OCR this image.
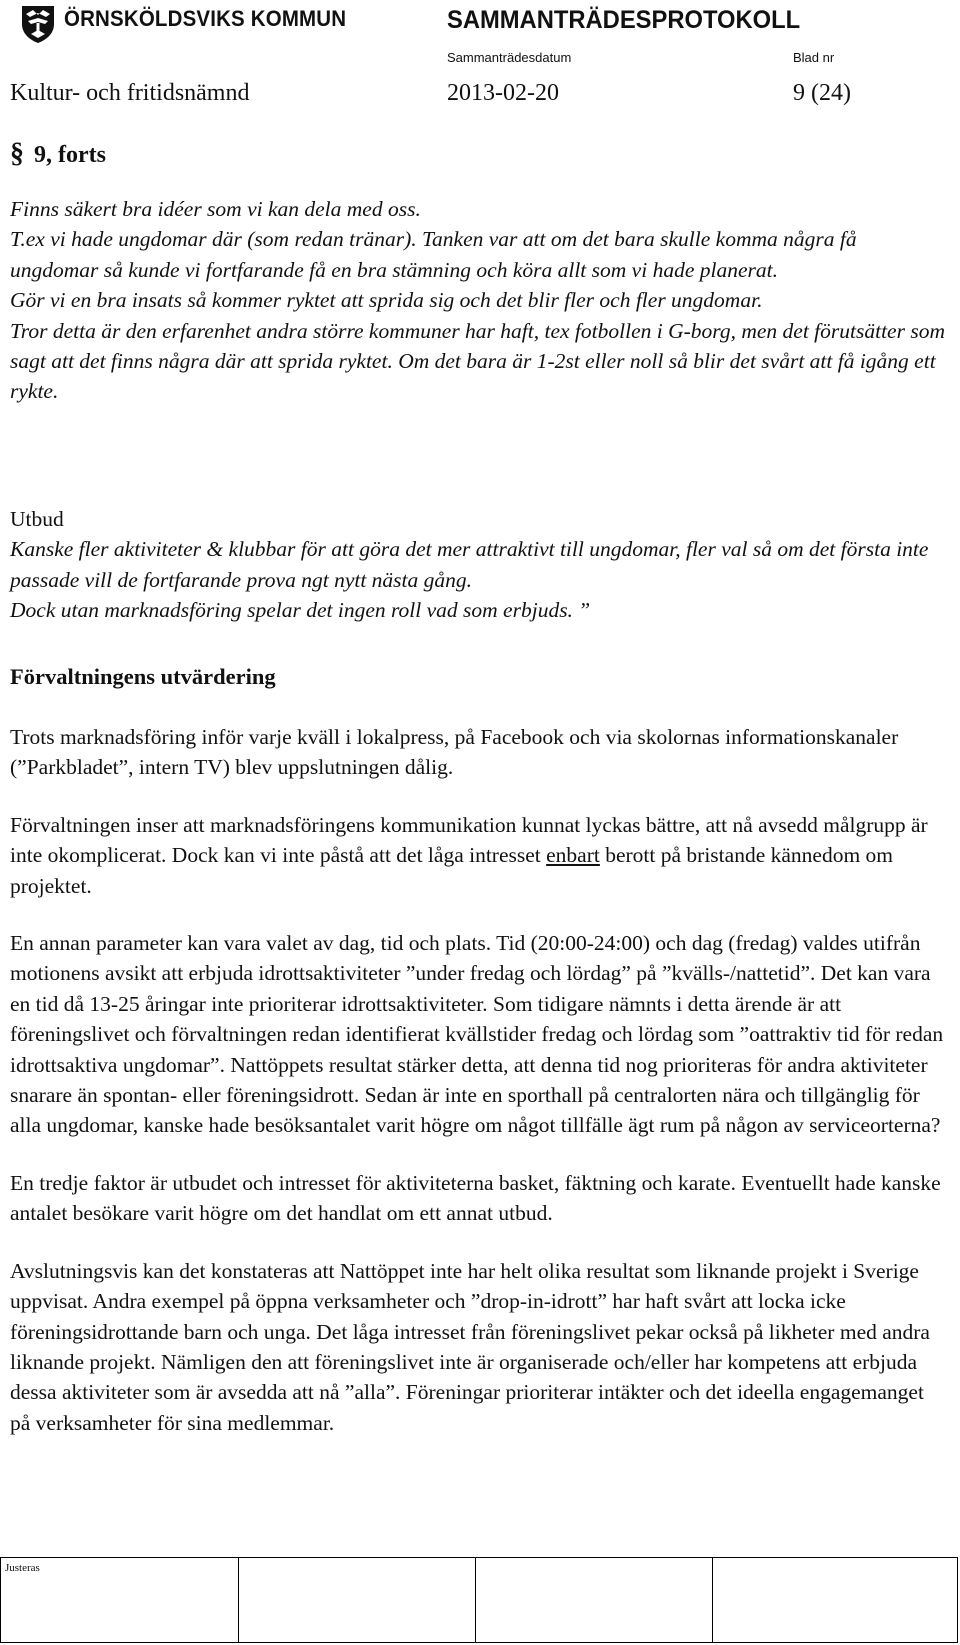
ÖRNSKÖLDSVIKS KOMMUN	SAMMANTRÄDESPROTOKOLL
Sammanträdesdatum	Blad nr
Kultur- och fritidsnämnd	2013-02-20	9 (24)
§ 9, forts

Finns säkert bra idéer som vi kan dela med oss.

T.ex vi hade ungdomar där (som redan tränar). Tanken var att om det bara skulle komma några få ungdomar så kunde vi fortfarande få en bra stämning och köra allt som vi hade planerat.

Gör vi en bra insats så kommer ryktet att sprida sig och det blir fler och fler ungdomar.

Tror detta är den erfarenhet andra större kommuner har haft, tex fotbollen i G-borg, men det förutsätter som sagt att det finns några där att sprida ryktet. Om det bara är 1-2st eller noll så blir det svårt att få igång ett rykte.

Utbud

Kanske fler aktiviteter & klubbar för att göra det mer attraktivt till ungdomar, fler val så om det första inte passade vill de fortfarande prova ngt nytt nästa gång.

Dock utan marknadsföring spelar det ingen roll vad som erbjuds. ”

Förvaltningens utvärdering

Trots marknadsföring inför varje kväll i lokalpress, på Facebook och via skolornas informationskanaler (”Parkbladet”, intern TV) blev uppslutningen dålig.

Förvaltningen inser att marknadsföringens kommunikation kunnat lyckas bättre, att nå avsedd målgrupp är inte okomplicerat. Dock kan vi inte påstå att det låga intresset enbart berott på bristande kännedom om projektet.

En annan parameter kan vara valet av dag, tid och plats. Tid (20:00-24:00) och dag (fredag) valdes utifrån motionens avsikt att erbjuda idrottsaktiviteter ”under fredag och lördag” på ”kvälls-/nattetid”. Det kan vara en tid då 13-25 åringar inte prioriterar idrottsaktiviteter. Som tidigare nämnts i detta ärende är att föreningslivet och förvaltningen redan identifierat kvällstider fredag och lördag som ”oattraktiv tid för redan idrottsaktiva ungdomar”. Nattöppets resultat stärker detta, att denna tid nog prioriteras för andra aktiviteter snarare än spontan- eller föreningsidrott. Sedan är inte en sporthall på centralorten nära och tillgänglig för alla ungdomar, kanske hade besöksantalet varit högre om något tillfälle ägt rum på någon av serviceorterna?

En tredje faktor är utbudet och intresset för aktiviteterna basket, fäktning och karate. Eventuellt hade kanske antalet besökare varit högre om det handlat om ett annat utbud.

Avslutningsvis kan det konstateras att Nattöppet inte har helt olika resultat som liknande projekt i Sverige uppvisat. Andra exempel på öppna verksamheter och ”drop-in-idrott” har haft svårt att locka icke föreningsidrottande barn och unga. Det låga intresset från föreningslivet pekar också på likheter med andra liknande projekt. Nämligen den att föreningslivet inte är organiserade och/eller har kompetens att erbjuda dessa aktiviteter som är avsedda att nå ”alla”. Föreningar prioriterar intäkter och det ideella engagemanget på verksamheter för sina medlemmar.

Justeras
